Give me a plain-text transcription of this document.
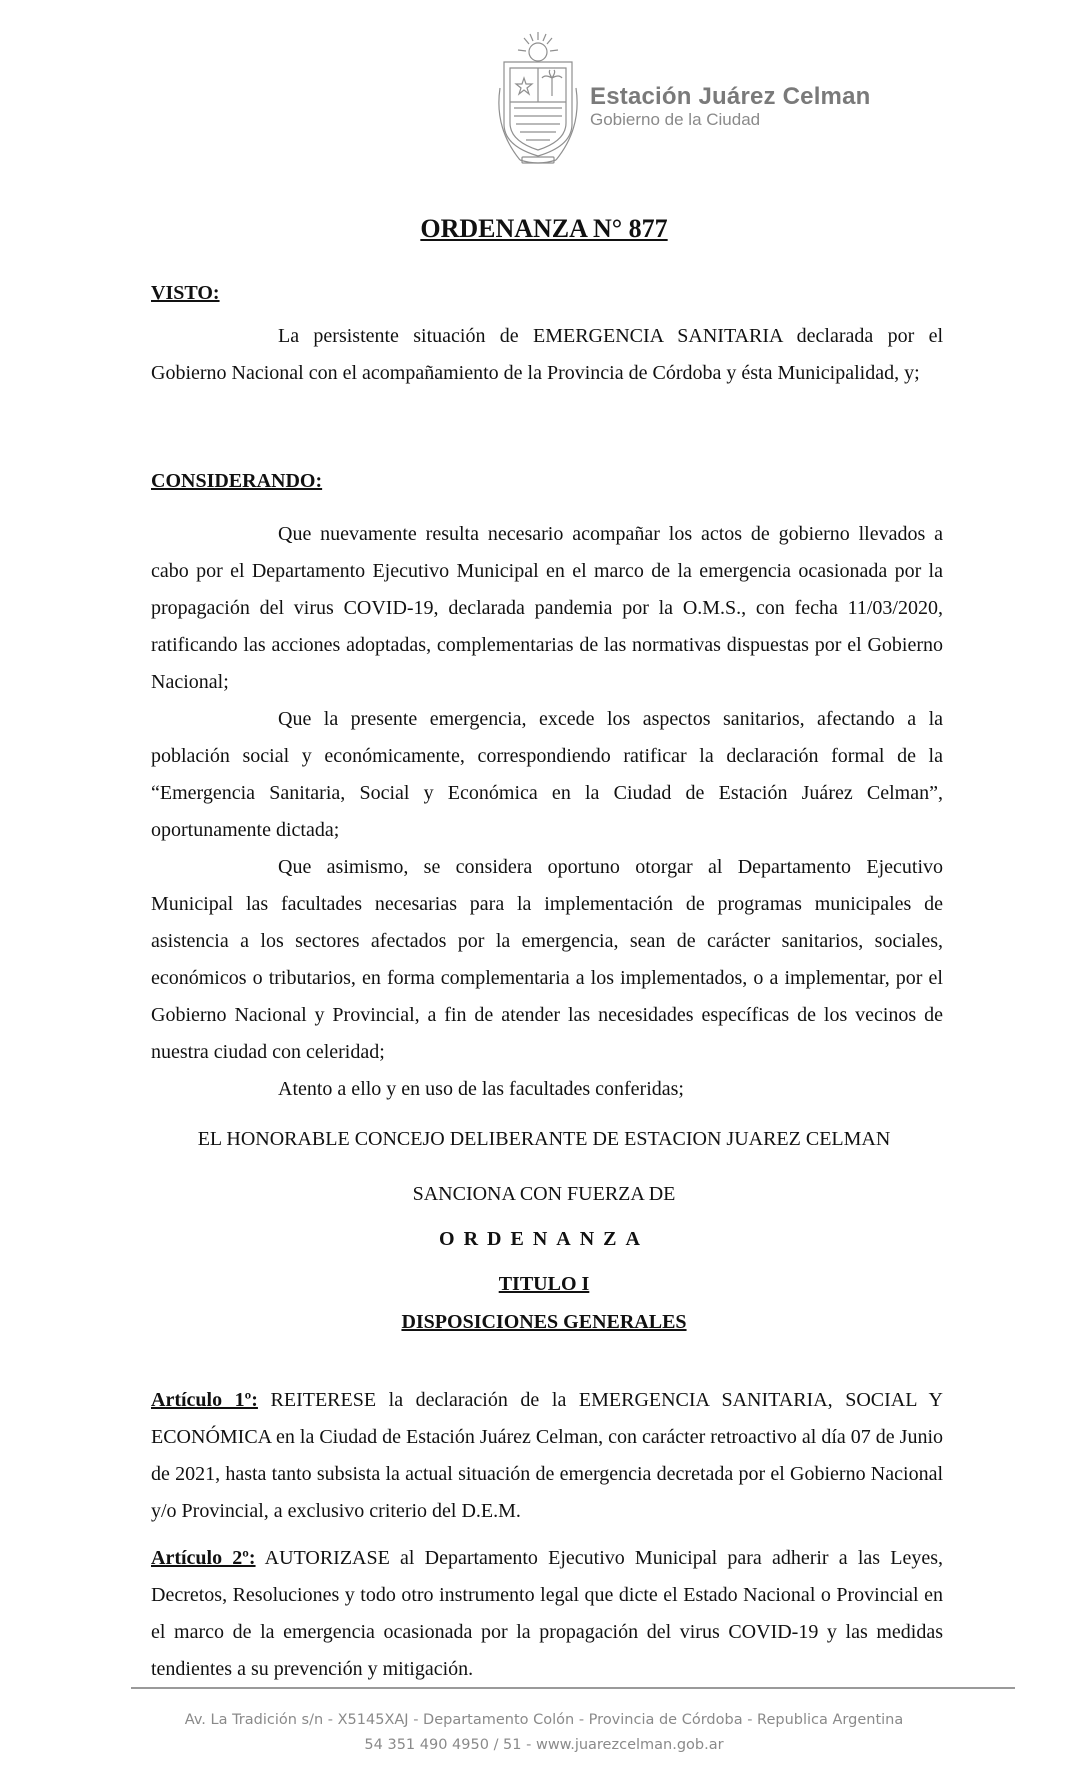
Estación Juárez Celman
Gobierno de la Ciudad
ORDENANZA N° 877
VISTO:

La persistente situación de EMERGENCIA SANITARIA declarada por el Gobierno Nacional con el acompañamiento de la Provincia de Córdoba y ésta Municipalidad, y;

CONSIDERANDO:

Que nuevamente resulta necesario acompañar los actos de gobierno llevados a cabo por el Departamento Ejecutivo Municipal en el marco de la emergencia ocasionada por la propagación del virus COVID-19, declarada pandemia por la O.M.S., con fecha 11/03/2020, ratificando las acciones adoptadas, complementarias de las normativas dispuestas por el Gobierno Nacional;

Que la presente emergencia, excede los aspectos sanitarios, afectando a la población social y económicamente, correspondiendo ratificar la declaración formal de la “Emergencia Sanitaria, Social y Económica en la Ciudad de Estación Juárez Celman”, oportunamente dictada;

Que asimismo, se considera oportuno otorgar al Departamento Ejecutivo Municipal las facultades necesarias para la implementación de programas municipales de asistencia a los sectores afectados por la emergencia, sean de carácter sanitarios, sociales, económicos o tributarios, en forma complementaria a los implementados, o a implementar, por el Gobierno Nacional y Provincial, a fin de atender las necesidades específicas de los vecinos de nuestra ciudad con celeridad;

Atento a ello y en uso de las facultades conferidas;

EL HONORABLE CONCEJO DELIBERANTE DE ESTACION JUAREZ CELMAN
SANCIONA CON FUERZA DE
ORDENANZA
TITULO I
DISPOSICIONES GENERALES

Artículo 1º: REITERESE la declaración de la EMERGENCIA SANITARIA, SOCIAL Y ECONÓMICA en la Ciudad de Estación Juárez Celman, con carácter retroactivo al día 07 de Junio de 2021, hasta tanto subsista la actual situación de emergencia decretada por el Gobierno Nacional y/o Provincial, a exclusivo criterio del D.E.M.

Artículo 2º: AUTORIZASE al Departamento Ejecutivo Municipal para adherir a las Leyes, Decretos, Resoluciones y todo otro instrumento legal que dicte el Estado Nacional o Provincial en el marco de la emergencia ocasionada por la propagación del virus COVID-19 y las medidas tendientes a su prevención y mitigación.

Av. La Tradición s/n - X5145XAJ - Departamento Colón - Provincia de Córdoba - Republica Argentina
54 351 490 4950 / 51 - www.juarezcelman.gob.ar
